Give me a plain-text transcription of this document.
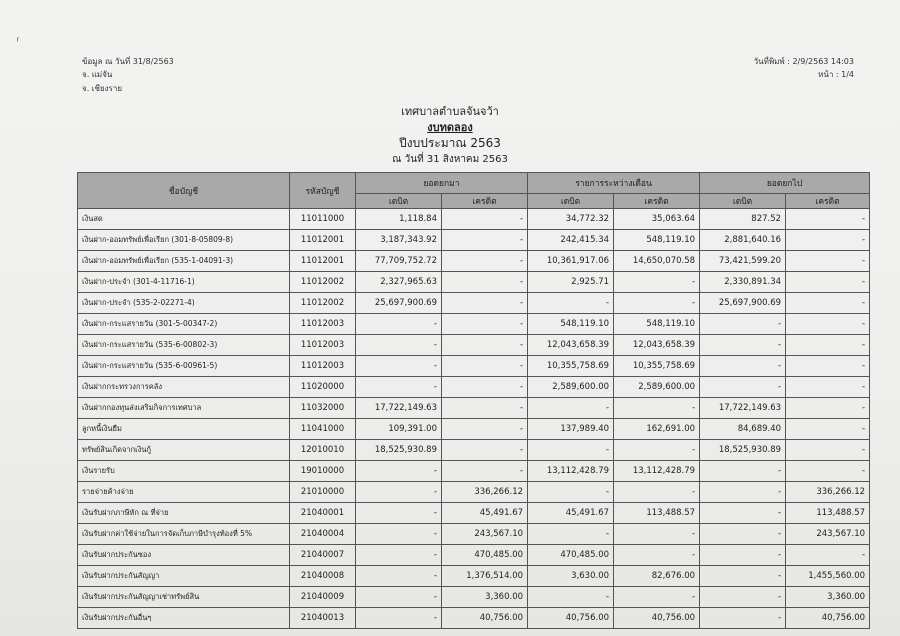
ข้อมูล ณ วันที่ 31/8/2563
จ. แม่จัน
จ. เชียงราย
วันที่พิมพ์ : 2/9/2563 14:03
หน้า : 1/4
เทศบาลตำบลจันจว้า
งบทดลอง
ปีงบประมาณ 2563
ณ วันที่ 31 สิงหาคม 2563
ชื่อบัญชี	รหัสบัญชี	ยอดยกมา		รายการระหว่างเดือน		ยอดยกไป	
		เดบิต	เครดิต	เดบิต	เครดิต	เดบิต	เครดิต
เงินสด	11011000	1,118.84	-	34,772.32	35,063.64	827.52	-
เงินฝาก-ออมทรัพย์เพื่อเรียก (301-8-05809-8)	11012001	3,187,343.92	-	242,415.34	548,119.10	2,881,640.16	-
เงินฝาก-ออมทรัพย์เพื่อเรียก (535-1-04091-3)	11012001	77,709,752.72	-	10,361,917.06	14,650,070.58	73,421,599.20	-
เงินฝาก-ประจำ (301-4-11716-1)	11012002	2,327,965.63	-	2,925.71	-	2,330,891.34	-
เงินฝาก-ประจำ (535-2-02271-4)	11012002	25,697,900.69	-	-	-	25,697,900.69	-
เงินฝาก-กระแสรายวัน (301-5-00347-2)	11012003	-	-	548,119.10	548,119.10	-	-
เงินฝาก-กระแสรายวัน (535-6-00802-3)	11012003	-	-	12,043,658.39	12,043,658.39	-	-
เงินฝาก-กระแสรายวัน (535-6-00961-5)	11012003	-	-	10,355,758.69	10,355,758.69	-	-
เงินฝากกระทรวงการคลัง	11020000	-	-	2,589,600.00	2,589,600.00	-	-
เงินฝากกองทุนส่งเสริมกิจการเทศบาล	11032000	17,722,149.63	-	-	-	17,722,149.63	-
ลูกหนี้เงินยืม	11041000	109,391.00	-	137,989.40	162,691.00	84,689.40	-
ทรัพย์สินเกิดจากเงินกู้	12010010	18,525,930.89	-	-	-	18,525,930.89	-
เงินรายรับ	19010000	-	-	13,112,428.79	13,112,428.79	-	-
รายจ่ายค้างจ่าย	21010000	-	336,266.12	-	-	-	336,266.12
เงินรับฝากภาษีหัก ณ ที่จ่าย	21040001	-	45,491.67	45,491.67	113,488.57	-	113,488.57
เงินรับฝากค่าใช้จ่ายในการจัดเก็บภาษีบำรุงท้องที่ 5%	21040004	-	243,567.10	-	-	-	243,567.10
เงินรับฝากประกันซอง	21040007	-	470,485.00	470,485.00	-	-	-
เงินรับฝากประกันสัญญา	21040008	-	1,376,514.00	3,630.00	82,676.00	-	1,455,560.00
เงินรับฝากประกันสัญญาเช่าทรัพย์สิน	21040009	-	3,360.00	-	-	-	3,360.00
เงินรับฝากประกันอื่นๆ	21040013	-	40,756.00	40,756.00	40,756.00	-	40,756.00
